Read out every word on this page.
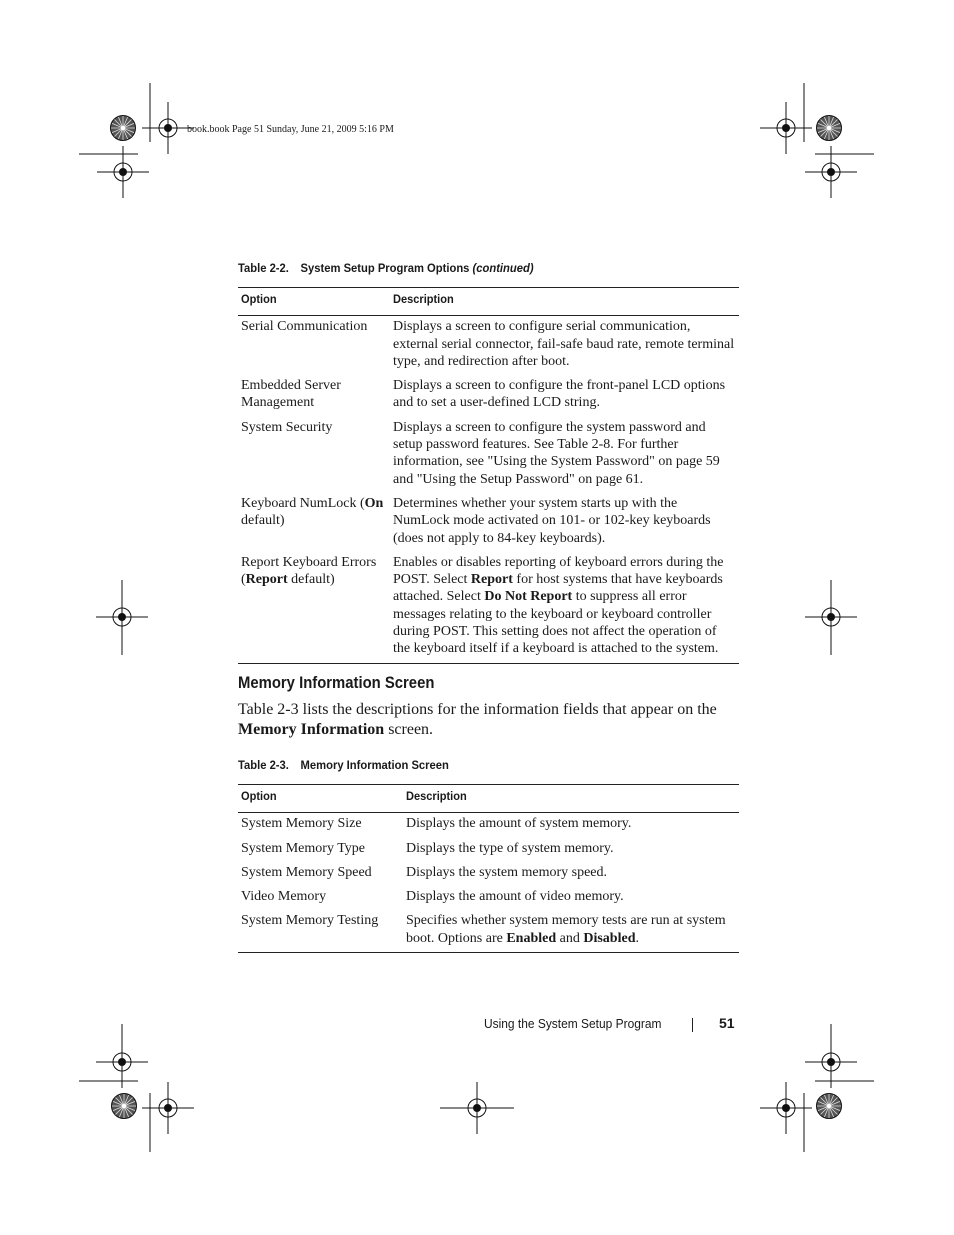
book.book Page 51 Sunday, June 21, 2009 5:16 PM
Table 2-2. System Setup Program Options (continued)
Option	Description
Serial Communication	Displays a screen to configure serial communication, external serial connector, fail-safe baud rate, remote terminal type, and redirection after boot.
Embedded Server Management	Displays a screen to configure the front-panel LCD options and to set a user-defined LCD string.
System Security	Displays a screen to configure the system password and setup password features. See Table 2-8. For further information, see "Using the System Password" on page 59 and "Using the Setup Password" on page 61.
Keyboard NumLock (On default)	Determines whether your system starts up with the NumLock mode activated on 101- or 102-key keyboards (does not apply to 84-key keyboards).
Report Keyboard Errors (Report default)	Enables or disables reporting of keyboard errors during the POST. Select Report for host systems that have keyboards attached. Select Do Not Report to suppress all error messages relating to the keyboard or keyboard controller during POST. This setting does not affect the operation of the keyboard itself if a keyboard is attached to the system.
Memory Information Screen
Table 2-3 lists the descriptions for the information fields that appear on the Memory Information screen.
Table 2-3. Memory Information Screen
Option	Description
System Memory Size	Displays the amount of system memory.
System Memory Type	Displays the type of system memory.
System Memory Speed	Displays the system memory speed.
Video Memory	Displays the amount of video memory.
System Memory Testing	Specifies whether system memory tests are run at system boot. Options are Enabled and Disabled.
Using the System Setup Program	51
